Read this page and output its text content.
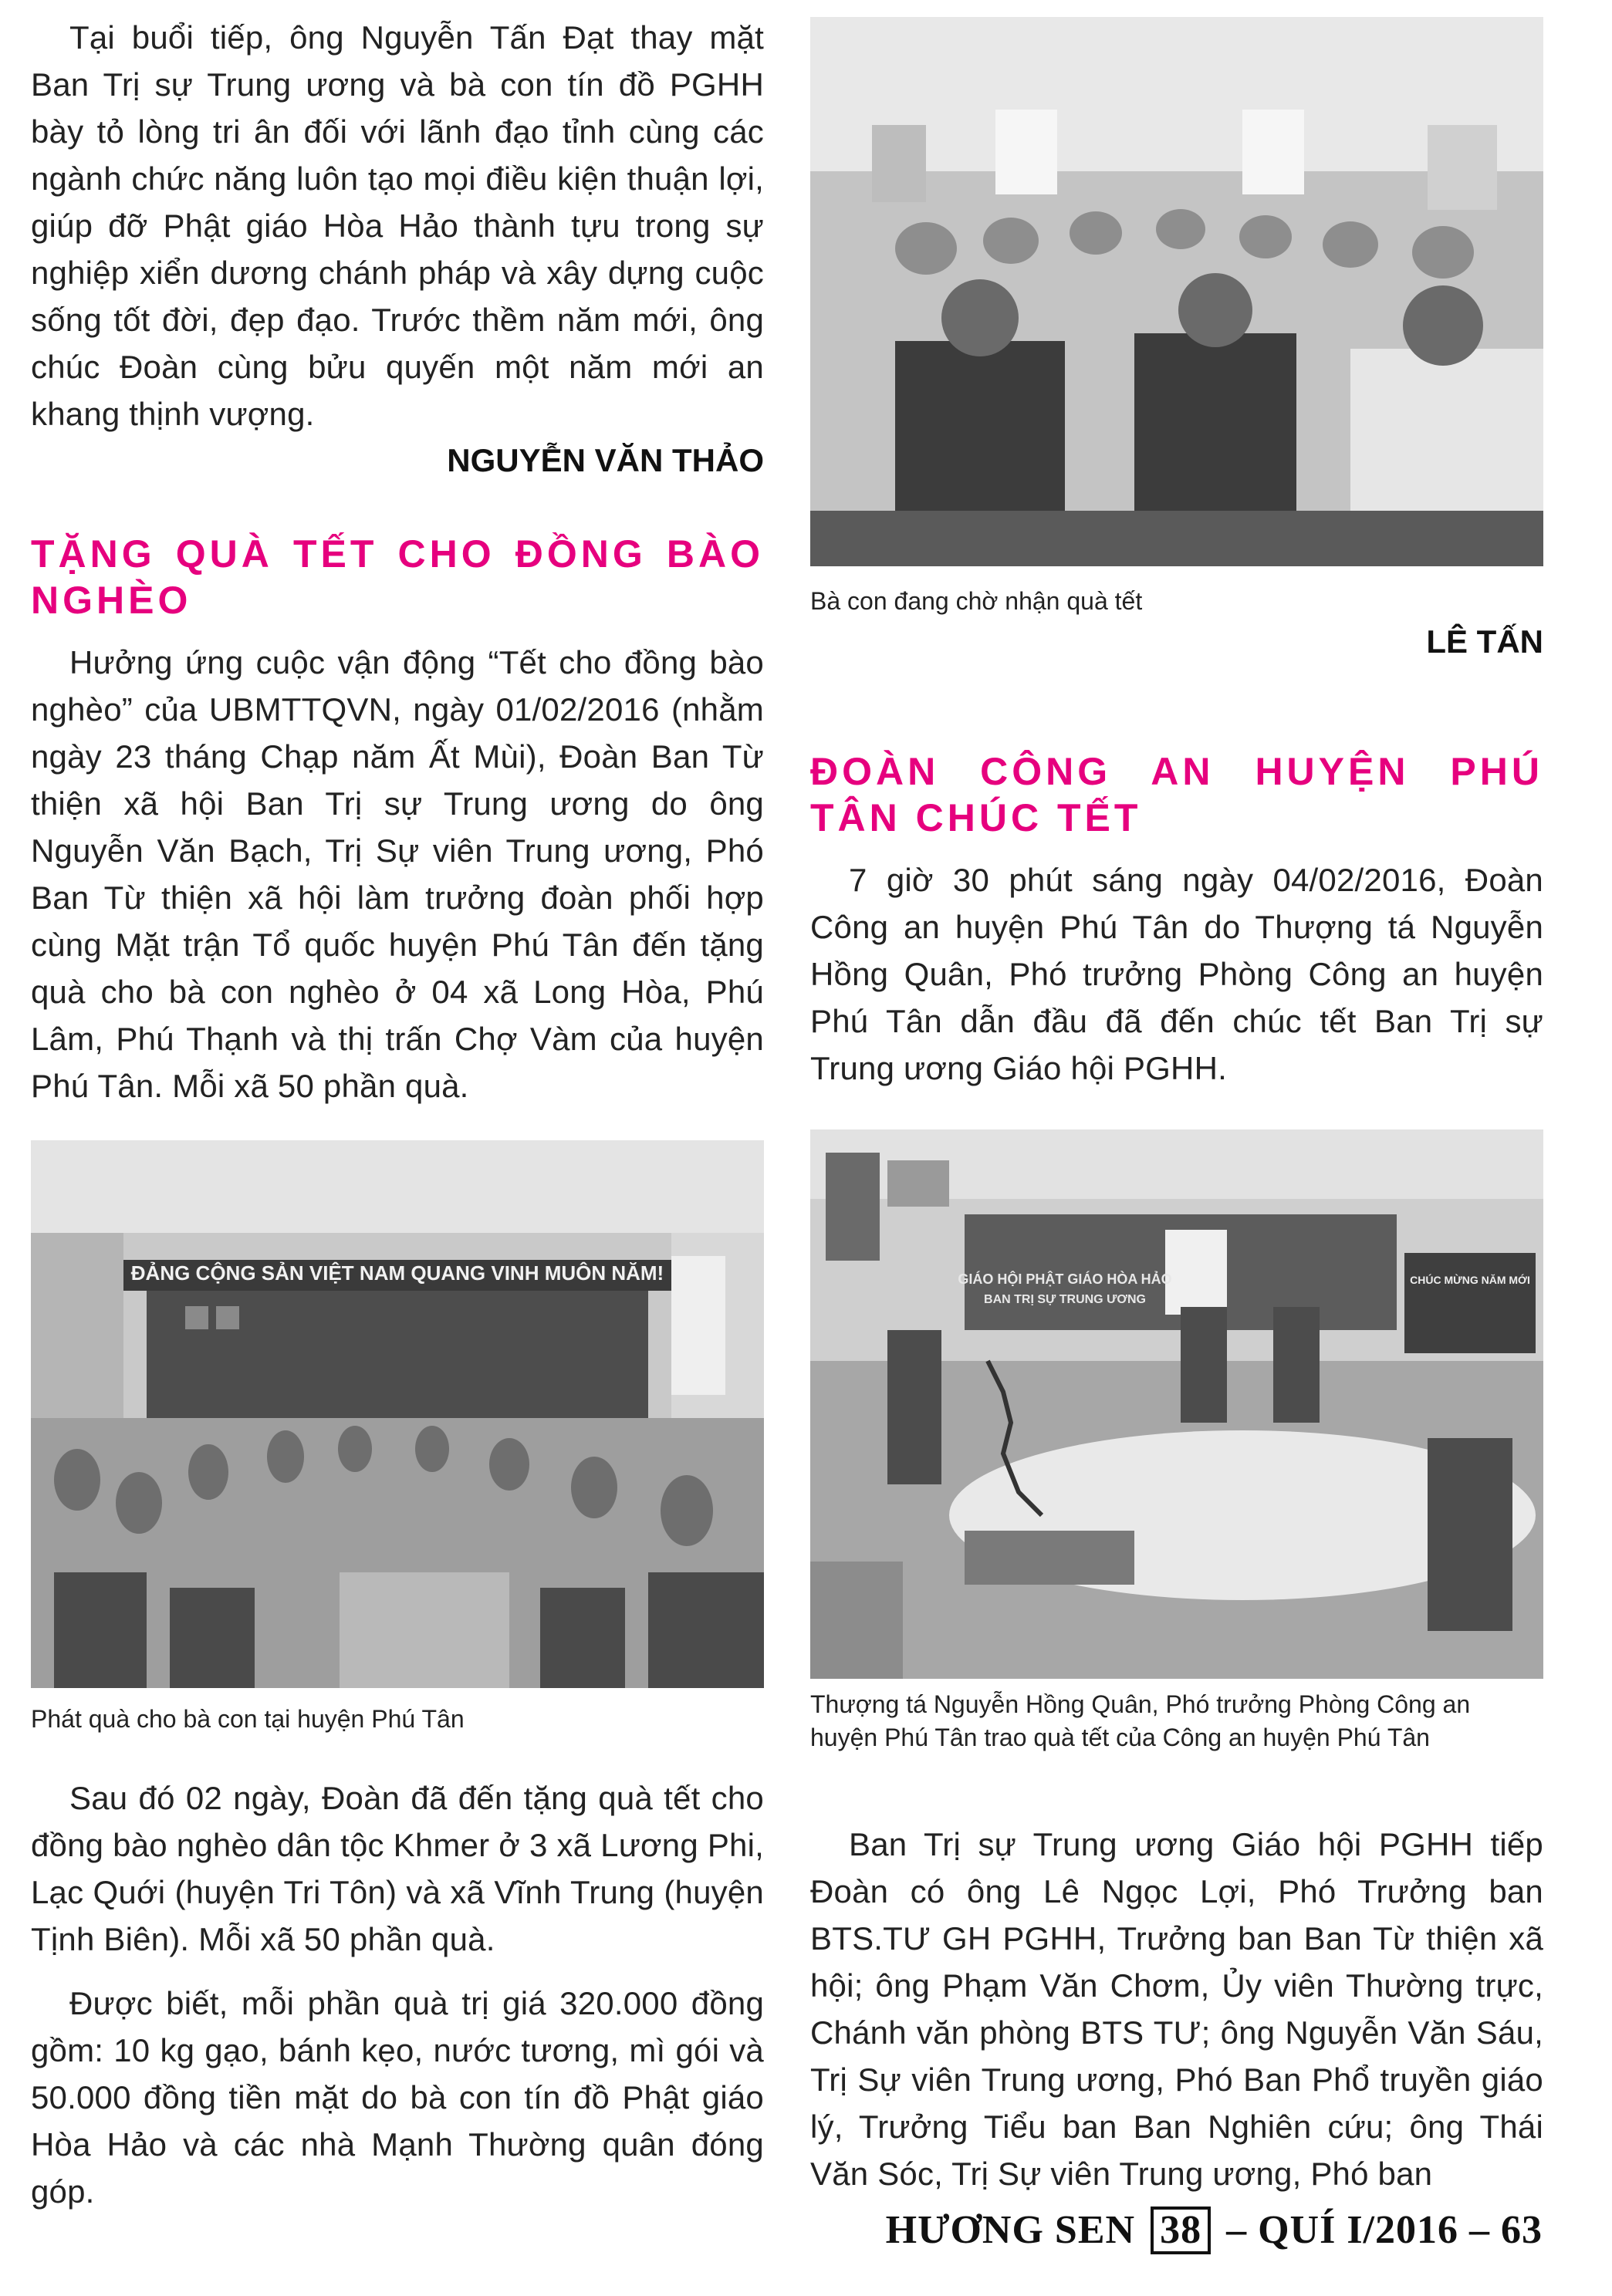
Tại buổi tiếp, ông Nguyễn Tấn Đạt thay mặt Ban Trị sự Trung ương và bà con tín đồ PGHH bày tỏ lòng tri ân đối với lãnh đạo tỉnh cùng các ngành chức năng luôn tạo mọi điều kiện thuận lợi, giúp đỡ Phật giáo Hòa Hảo thành tựu trong sự nghiệp xiển dương chánh pháp và xây dựng cuộc sống tốt đời, đẹp đạo. Trước thềm năm mới, ông chúc Đoàn cùng bửu quyến một năm mới an khang thịnh vượng.

NGUYỄN VĂN THẢO
TẶNG QUÀ TẾT CHO ĐỒNG BÀO NGHÈO

Hưởng ứng cuộc vận động “Tết cho đồng bào nghèo” của UBMTTQVN, ngày 01/02/2016 (nhằm ngày 23 tháng Chạp năm Ất Mùi), Đoàn Ban Từ thiện xã hội Ban Trị sự Trung ương do ông Nguyễn Văn Bạch, Trị Sự viên Trung ương, Phó Ban Từ thiện xã hội làm trưởng đoàn phối hợp cùng Mặt trận Tổ quốc huyện Phú Tân đến tặng quà cho bà con nghèo ở 04 xã Long Hòa, Phú Lâm, Phú Thạnh và thị trấn Chợ Vàm của huyện Phú Tân. Mỗi xã 50 phần quà.

ĐẢNG CỘNG SẢN VIỆT NAM QUANG VINH MUÔN NĂM!
Phát quà cho bà con tại huyện Phú Tân

Sau đó 02 ngày, Đoàn đã đến tặng quà tết cho đồng bào nghèo dân tộc Khmer ở 3 xã Lương Phi, Lạc Quới (huyện Tri Tôn) và xã Vĩnh Trung (huyện Tịnh Biên). Mỗi xã 50 phần quà.

Được biết, mỗi phần quà trị giá 320.000 đồng gồm: 10 kg gạo, bánh kẹo, nước tương, mì gói và 50.000 đồng tiền mặt do bà con tín đồ Phật giáo Hòa Hảo và các nhà Mạnh Thường quân đóng góp.

Bà con đang chờ nhận quà tết
LÊ TẤN
ĐOÀN CÔNG AN HUYỆN PHÚ TÂN CHÚC TẾT

7 giờ 30 phút sáng ngày 04/02/2016, Đoàn Công an huyện Phú Tân do Thượng tá Nguyễn Hồng Quân, Phó trưởng Phòng Công an huyện Phú Tân dẫn đầu đã đến chúc tết Ban Trị sự Trung ương Giáo hội PGHH.

GIÁO HỘI PHẬT GIÁO HÒA HẢO
BAN TRỊ SỰ TRUNG ƯƠNG
CHÚC MỪNG NĂM MỚI
Thượng tá Nguyễn Hồng Quân, Phó trưởng Phòng Công an huyện Phú Tân trao quà tết của Công an huyện Phú Tân

Ban Trị sự Trung ương Giáo hội PGHH tiếp Đoàn có ông Lê Ngọc Lợi, Phó Trưởng ban BTS.TƯ GH PGHH, Trưởng ban Ban Từ thiện xã hội; ông Phạm Văn Chơm, Ủy viên Thường trực, Chánh văn phòng BTS TƯ; ông Nguyễn Văn Sáu, Trị Sự viên Trung ương, Phó Ban Phổ truyền giáo lý, Trưởng Tiểu ban Ban Nghiên cứu; ông Thái Văn Sóc, Trị Sự viên Trung ương, Phó ban

HƯƠNG SEN 38 – QUÍ I/2016 – 63
